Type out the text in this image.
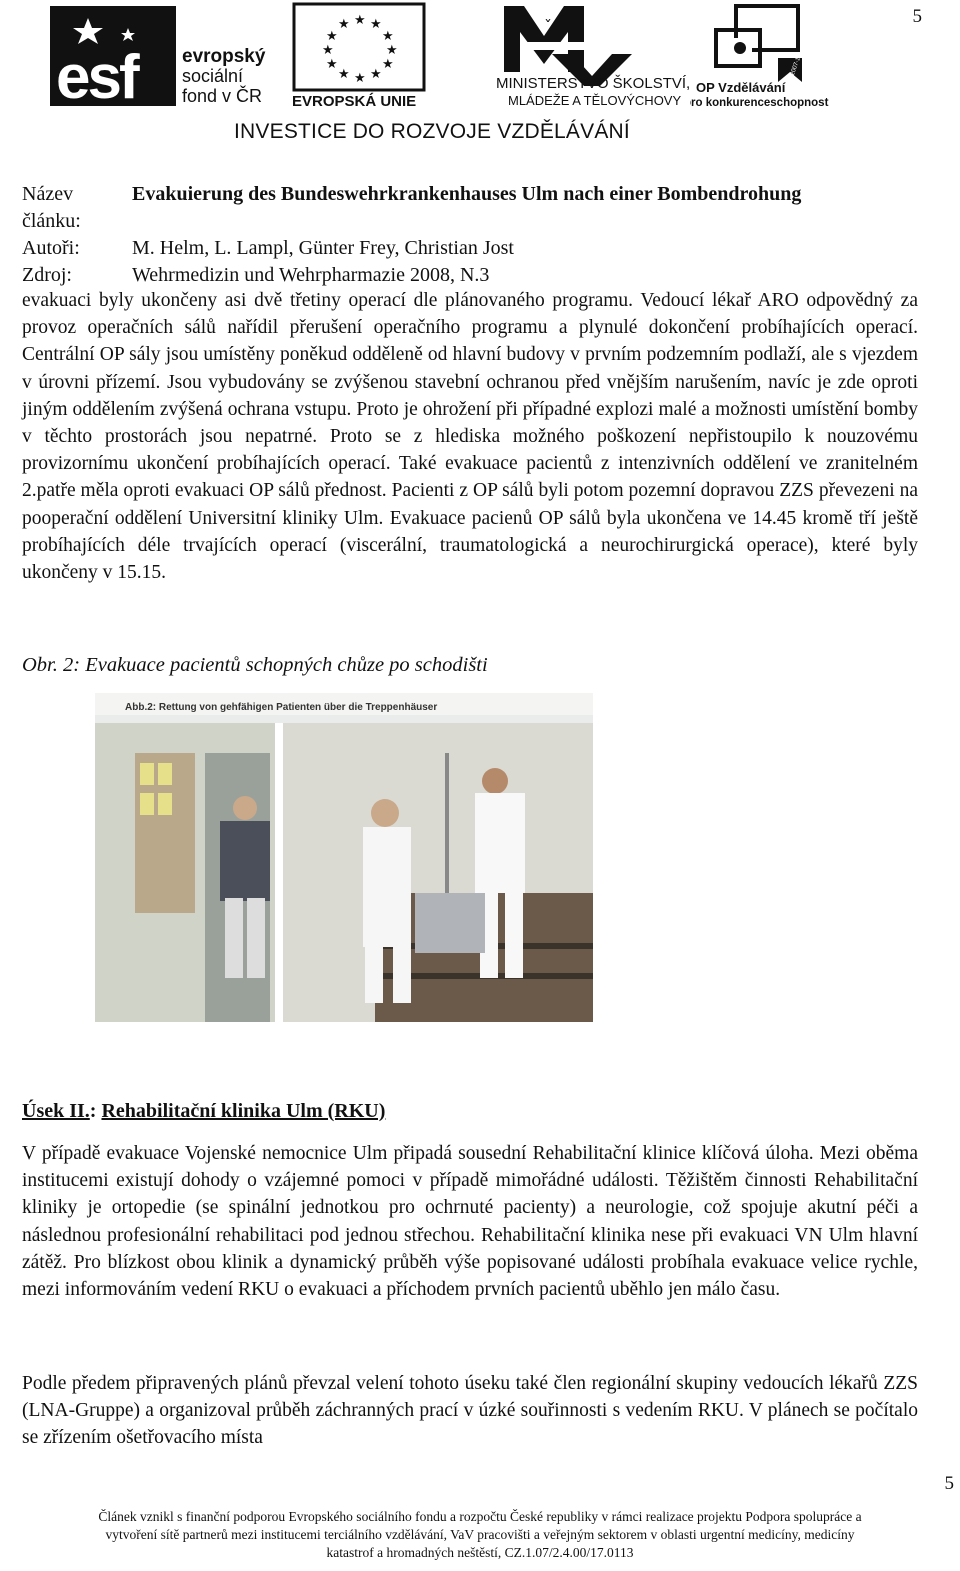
5
5
esf evropský
sociální
fond v ČR
★ ★
★
★
★
★
★
★
★
★
★
★
EVROPSKÁ UNIE
ˇ
MINISTERSTVO ŠKOLSTVÍ,
MLÁDEŽE A TĚLOVÝCHOVY
2007-13
OP Vzdělávání
pro konkurenceschopnost
INVESTICE DO ROZVOJE VZDĚLÁVÁNÍ
Název článku:
Evakuierung des Bundeswehrkrankenhauses Ulm nach einer Bombendrohung
Autoři:	M. Helm, L. Lampl, Günter Frey, Christian Jost
Zdroj:	Wehrmedizin und Wehrpharmazie 2008, N.3
evakuaci byly ukončeny asi dvě třetiny operací dle plánovaného programu. Vedoucí lékař ARO odpovědný za provoz operačních sálů nařídil přerušení operačního programu a plynulé dokončení probíhajících operací. Centrální OP sály jsou umístěny poněkud odděleně od hlavní budovy v prvním podzemním podlaží, ale s vjezdem v úrovni přízemí. Jsou vybudovány se zvýšenou stavební ochranou před vnějším narušením, navíc je zde oproti jiným oddělením zvýšená ochrana vstupu. Proto je ohrožení při případné explozi malé a možnosti umístění bomby v těchto prostorách jsou nepatrné. Proto se z hlediska možného poškození nepřistoupilo k nouzovému provizornímu ukončení probíhajících operací. Také evakuace pacientů z intenzivních oddělení ve zranitelném 2.patře měla oproti evakuaci OP sálů přednost. Pacienti z OP sálů byli potom pozemní dopravou ZZS převezeni na pooperační oddělení Universitní kliniky Ulm. Evakuace pacienů OP sálů byla ukončena ve 14.45 kromě tří ještě probíhajících déle trvajících operací (viscerální, traumatologická a neurochirurgická operace), které byly ukončeny v 15.15.
Obr. 2: Evakuace pacientů schopných chůze po schodišti
Abb.2: Rettung von gehfähigen Patienten über die Treppenhäuser
Úsek II.: Rehabilitační klinika Ulm (RKU)
V případě evakuace Vojenské nemocnice Ulm připadá sousední Rehabilitační klinice klíčová úloha. Mezi oběma institucemi existují dohody o vzájemné pomoci v případě mimořádné události. Těžištěm činnosti Rehabilitační kliniky je ortopedie (se spinální jednotkou pro ochrnuté pacienty) a neurologie, což spojuje akutní péči a následnou profesionální rehabilitaci pod jednou střechou. Rehabilitační klinika nese při evakuaci VN Ulm hlavní zátěž. Pro blízkost obou klinik a dynamický průběh výše popisované události probíhala evakuace velice rychle, mezi informováním vedení RKU o evakuaci a příchodem prvních pacientů uběhlo jen málo času.
Podle předem připravených plánů převzal velení tohoto úseku také člen regionální skupiny vedoucích lékařů ZZS (LNA-Gruppe) a organizoval průběh záchranných prací v úzké souřinnosti s vedením RKU. V plánech se počítalo se zřízením ošetřovacího místa
Článek vznikl s finanční podporou Evropského sociálního fondu a rozpočtu České republiky v rámci realizace projektu Podpora spolupráce a
vytvoření sítě partnerů mezi institucemi terciálního vzdělávání, VaV pracovišti a veřejným sektorem v oblasti urgentní medicíny, medicíny
katastrof a hromadných neštěstí, CZ.1.07/2.4.00/17.0113
